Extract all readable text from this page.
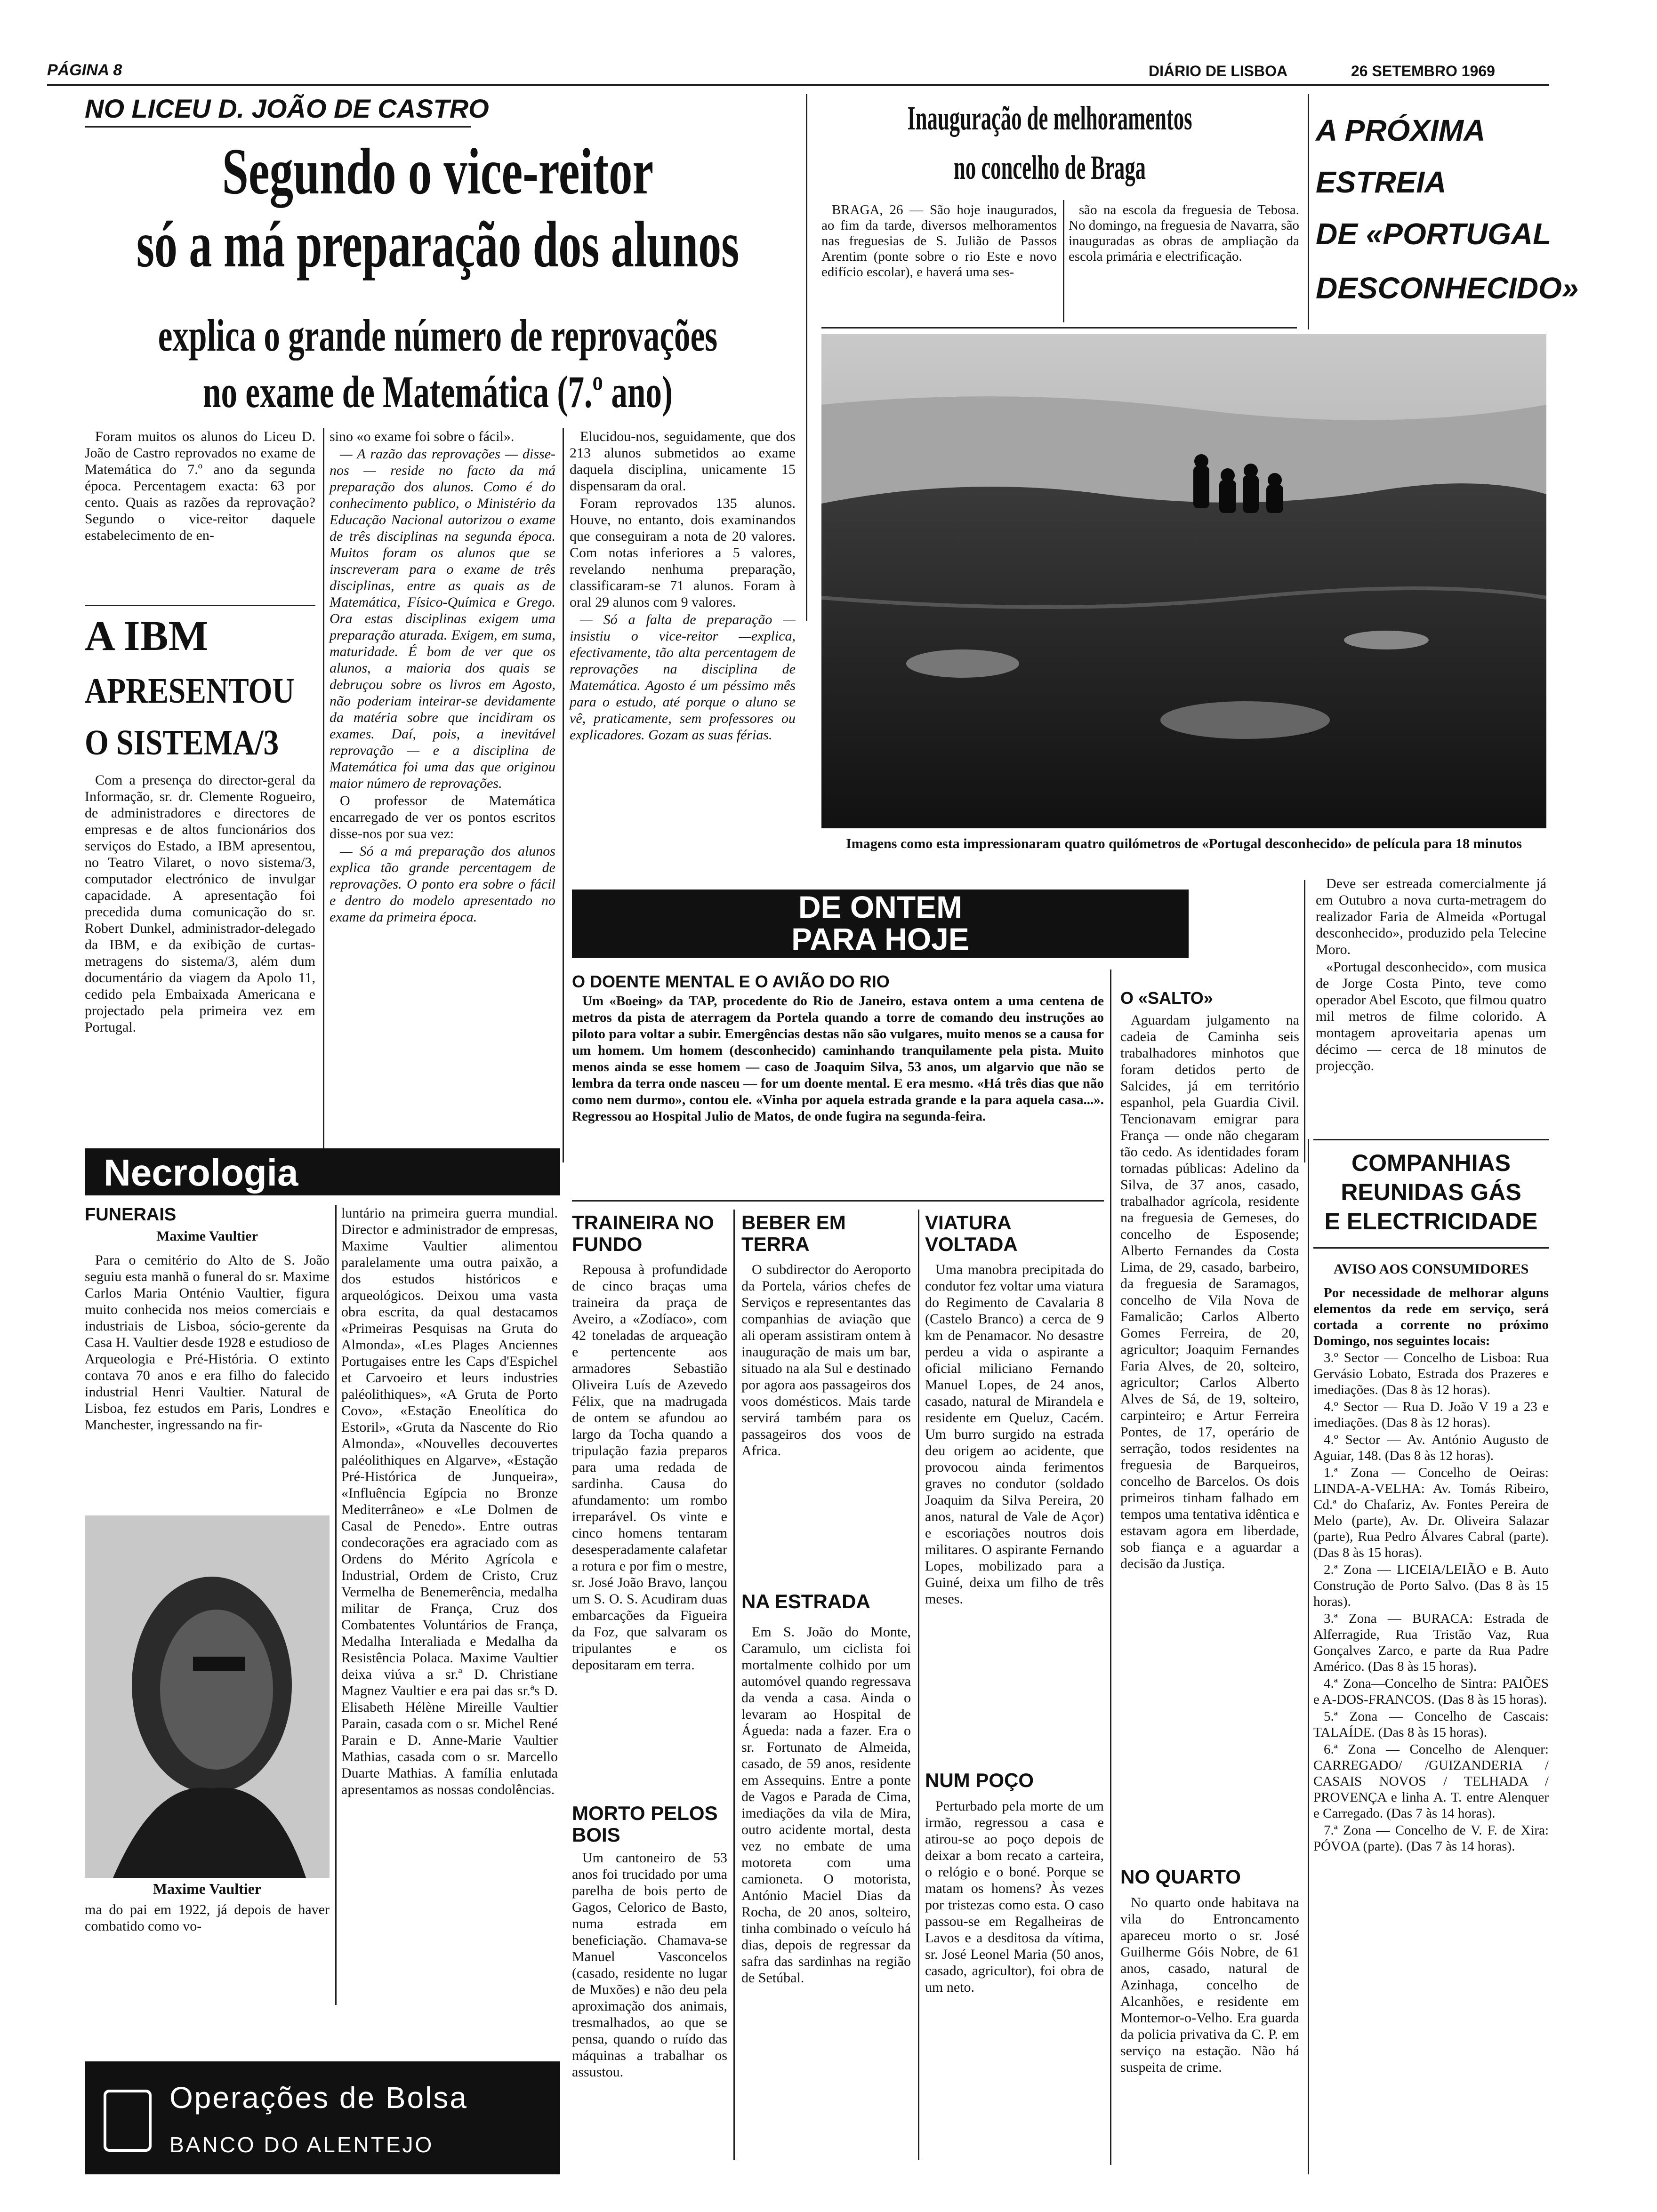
PÁGINA 8	DIÁRIO DE LISBOA	26 SETEMBRO 1969
NO LICEU D. JOÃO DE CASTRO
Segundo o vice-reitor
só a má preparação dos alunos
explica o grande número de reprovações
no exame de Matemática (7.º ano)

Foram muitos os alunos do Liceu D. João de Castro reprovados no exame de Matemática do 7.º ano da segunda época. Percentagem exacta: 63 por cento. Quais as razões da reprovação? Segundo o vice-reitor daquele estabelecimento de en-

sino «o exame foi sobre o fácil».

— A razão das reprovações — disse-nos — reside no facto da má preparação dos alunos. Como é do conhecimento publico, o Ministério da Educação Nacional autorizou o exame de três disciplinas na segunda época. Muitos foram os alunos que se inscreveram para o exame de três disciplinas, entre as quais as de Matemática, Físico-Química e Grego. Ora estas disciplinas exigem uma preparação aturada. Exigem, em suma, maturidade. É bom de ver que os alunos, a maioria dos quais se debruçou sobre os livros em Agosto, não poderiam inteirar-se devidamente da matéria sobre que incidiram os exames. Daí, pois, a inevitável reprovação — e a disciplina de Matemática foi uma das que originou maior número de reprovações.

O professor de Matemática encarregado de ver os pontos escritos disse-nos por sua vez:

— Só a má preparação dos alunos explica tão grande percentagem de reprovações. O ponto era sobre o fácil e dentro do modelo apresentado no exame da primeira época.

Elucidou-nos, seguidamente, que dos 213 alunos submetidos ao exame daquela disciplina, unicamente 15 dispensaram da oral.

Foram reprovados 135 alunos. Houve, no entanto, dois examinandos que conseguiram a nota de 20 valores. Com notas inferiores a 5 valores, revelando nenhuma preparação, classificaram-se 71 alunos. Foram à oral 29 alunos com 9 valores.

— Só a falta de preparação — insistiu o vice-reitor —explica, efectivamente, tão alta percentagem de reprovações na disciplina de Matemática. Agosto é um péssimo mês para o estudo, até porque o aluno se vê, praticamente, sem professores ou explicadores. Gozam as suas férias.

A IBM
APRESENTOU
O SISTEMA/3

Com a presença do director-geral da Informação, sr. dr. Clemente Rogueiro, de administradores e directores de empresas e de altos funcionários dos serviços do Estado, a IBM apresentou, no Teatro Vilaret, o novo sistema/3, computador electrónico de invulgar capacidade. A apresentação foi precedida duma comunicação do sr. Robert Dunkel, administrador-delegado da IBM, e da exibição de curtas-metragens do sistema/3, além dum documentário da viagem da Apolo 11, cedido pela Embaixada Americana e projectado pela primeira vez em Portugal.

Inauguração de melhoramentos
no concelho de Braga

BRAGA, 26 — São hoje inaugurados, ao fim da tarde, diversos melhoramentos nas freguesias de S. Julião de Passos Arentim (ponte sobre o rio Este e novo edifício escolar), e haverá uma ses-

são na escola da freguesia de Tebosa. No domingo, na freguesia de Navarra, são inauguradas as obras de ampliação da escola primária e electrificação.

A PRÓXIMA
ESTREIA
DE «PORTUGAL
DESCONHECIDO»
Imagens como esta impressionaram quatro quilómetros de «Portugal desconhecido» de película para 18 minutos

Deve ser estreada comercialmente já em Outubro a nova curta-metragem do realizador Faria de Almeida «Portugal desconhecido», produzido pela Telecine Moro.

«Portugal desconhecido», com musica de Jorge Costa Pinto, teve como operador Abel Escoto, que filmou quatro mil metros de filme colorido. A montagem aproveitaria apenas um décimo — cerca de 18 minutos de projecção.

DE ONTEM
PARA HOJE
O DOENTE MENTAL E O AVIÃO DO RIO

Um «Boeing» da TAP, procedente do Rio de Janeiro, estava ontem a uma centena de metros da pista de aterragem da Portela quando a torre de comando deu instruções ao piloto para voltar a subir. Emergências destas não são vulgares, muito menos se a causa for um homem. Um homem (desconhecido) caminhando tranquilamente pela pista. Muito menos ainda se esse homem — caso de Joaquim Silva, 53 anos, um algarvio que não se lembra da terra onde nasceu — for um doente mental. E era mesmo. «Há três dias que não como nem durmo», contou ele. «Vinha por aquela estrada grande e la para aquela casa...». Regressou ao Hospital Julio de Matos, de onde fugira na segunda-feira.

O «SALTO»

Aguardam julgamento na cadeia de Caminha seis trabalhadores minhotos que foram detidos perto de Salcides, já em território espanhol, pela Guardia Civil. Tencionavam emigrar para França — onde não chegaram tão cedo. As identidades foram tornadas públicas: Adelino da Silva, de 37 anos, casado, trabalhador agrícola, residente na freguesia de Gemeses, do concelho de Esposende; Alberto Fernandes da Costa Lima, de 29, casado, barbeiro, da freguesia de Saramagos, concelho de Vila Nova de Famalicão; Carlos Alberto Gomes Ferreira, de 20, agricultor; Joaquim Fernandes Faria Alves, de 20, solteiro, agricultor; Carlos Alberto Alves de Sá, de 19, solteiro, carpinteiro; e Artur Ferreira Pontes, de 17, operário de serração, todos residentes na freguesia de Barqueiros, concelho de Barcelos. Os dois primeiros tinham falhado em tempos uma tentativa idêntica e estavam agora em liberdade, sob fiança e a aguardar a decisão da Justiça.

TRAINEIRA NO FUNDO

Repousa à profundidade de cinco braças uma traineira da praça de Aveiro, a «Zodíaco», com 42 toneladas de arqueação e pertencente aos armadores Sebastião Oliveira Luís de Azevedo Félix, que na madrugada de ontem se afundou ao largo da Tocha quando a tripulação fazia preparos para uma redada de sardinha. Causa do afundamento: um rombo irreparável. Os vinte e cinco homens tentaram desesperadamente calafetar a rotura e por fim o mestre, sr. José João Bravo, lançou um S. O. S. Acudiram duas embarcações da Figueira da Foz, que salvaram os tripulantes e os depositaram em terra.

MORTO PELOS BOIS

Um cantoneiro de 53 anos foi trucidado por uma parelha de bois perto de Gagos, Celorico de Basto, numa estrada em beneficiação. Chamava-se Manuel Vasconcelos (casado, residente no lugar de Muxões) e não deu pela aproximação dos animais, tresmalhados, ao que se pensa, quando o ruído das máquinas a trabalhar os assustou.

BEBER EM TERRA

O subdirector do Aeroporto da Portela, vários chefes de Serviços e representantes das companhias de aviação que ali operam assistiram ontem à inauguração de mais um bar, situado na ala Sul e destinado por agora aos passageiros dos voos domésticos. Mais tarde servirá também para os passageiros dos voos de Africa.

NA ESTRADA

Em S. João do Monte, Caramulo, um ciclista foi mortalmente colhido por um automóvel quando regressava da venda a casa. Ainda o levaram ao Hospital de Águeda: nada a fazer. Era o sr. Fortunato de Almeida, casado, de 59 anos, residente em Assequins. Entre a ponte de Vagos e Parada de Cima, imediações da vila de Mira, outro acidente mortal, desta vez no embate de uma motoreta com uma camioneta. O motorista, António Maciel Dias da Rocha, de 20 anos, solteiro, tinha combinado o veículo há dias, depois de regressar da safra das sardinhas na região de Setúbal.

VIATURA VOLTADA

Uma manobra precipitada do condutor fez voltar uma viatura do Regimento de Cavalaria 8 (Castelo Branco) a cerca de 9 km de Penamacor. No desastre perdeu a vida o aspirante a oficial miliciano Fernando Manuel Lopes, de 24 anos, casado, natural de Mirandela e residente em Queluz, Cacém. Um burro surgido na estrada deu origem ao acidente, que provocou ainda ferimentos graves no condutor (soldado Joaquim da Silva Pereira, 20 anos, natural de Vale de Açor) e escoriações noutros dois militares. O aspirante Fernando Lopes, mobilizado para a Guiné, deixa um filho de três meses.

NUM POÇO

Perturbado pela morte de um irmão, regressou a casa e atirou-se ao poço depois de deixar a bom recato a carteira, o relógio e o boné. Porque se matam os homens? Às vezes por tristezas como esta. O caso passou-se em Regalheiras de Lavos e a desditosa da vítima, sr. José Leonel Maria (50 anos, casado, agricultor), foi obra de um neto.

NO QUARTO

No quarto onde habitava na vila do Entroncamento apareceu morto o sr. José Guilherme Góis Nobre, de 61 anos, casado, natural de Azinhaga, concelho de Alcanhões, e residente em Montemor-o-Velho. Era guarda da policia privativa da C. P. em serviço na estação. Não há suspeita de crime.

Necrologia
FUNERAIS
Maxime Vaultier

Para o cemitério do Alto de S. João seguiu esta manhã o funeral do sr. Maxime Carlos Maria Onténio Vaultier, figura muito conhecida nos meios comerciais e industriais de Lisboa, sócio-gerente da Casa H. Vaultier desde 1928 e estudioso de Arqueologia e Pré-História. O extinto contava 70 anos e era filho do falecido industrial Henri Vaultier. Natural de Lisboa, fez estudos em Paris, Londres e Manchester, ingressando na fir-

Maxime Vaultier

ma do pai em 1922, já depois de haver combatido como vo-

luntário na primeira guerra mundial. Director e administrador de empresas, Maxime Vaultier alimentou paralelamente uma outra paixão, a dos estudos históricos e arqueológicos. Deixou uma vasta obra escrita, da qual destacamos «Primeiras Pesquisas na Gruta do Almonda», «Les Plages Anciennes Portugaises entre les Caps d'Espichel et Carvoeiro et leurs industries paléolithiques», «A Gruta de Porto Covo», «Estação Eneolítica do Estoril», «Gruta da Nascente do Rio Almonda», «Nouvelles decouvertes paléolithiques en Algarve», «Estação Pré-Histórica de Junqueira», «Influência Egípcia no Bronze Mediterrâneo» e «Le Dolmen de Casal de Penedo». Entre outras condecorações era agraciado com as Ordens do Mérito Agrícola e Industrial, Ordem de Cristo, Cruz Vermelha de Benemerência, medalha militar de França, Cruz dos Combatentes Voluntários de França, Medalha Interaliada e Medalha da Resistência Polaca. Maxime Vaultier deixa viúva a sr.ª D. Christiane Magnez Vaultier e era pai das sr.ªs D. Elisabeth Hélène Mireille Vaultier Parain, casada com o sr. Michel René Parain e D. Anne-Marie Vaultier Mathias, casada com o sr. Marcello Duarte Mathias. A família enlutada apresentamos as nossas condolências.

Operações de Bolsa
BANCO DO ALENTEJO
COMPANHIAS
REUNIDAS GÁS
E ELECTRICIDADE
AVISO AOS CONSUMIDORES

Por necessidade de melhorar alguns elementos da rede em serviço, será cortada a corrente no próximo Domingo, nos seguintes locais:

3.º Sector — Concelho de Lisboa: Rua Gervásio Lobato, Estrada dos Prazeres e imediações. (Das 8 às 12 horas).

4.º Sector — Rua D. João V 19 a 23 e imediações. (Das 8 às 12 horas).

4.º Sector — Av. António Augusto de Aguiar, 148. (Das 8 às 12 horas).

1.ª Zona — Concelho de Oeiras: LINDA-A-VELHA: Av. Tomás Ribeiro, Cd.ª do Chafariz, Av. Fontes Pereira de Melo (parte), Av. Dr. Oliveira Salazar (parte), Rua Pedro Álvares Cabral (parte). (Das 8 às 15 horas).

2.ª Zona — LICEIA/LEIÃO e B. Auto Construção de Porto Salvo. (Das 8 às 15 horas).

3.ª Zona — BURACA: Estrada de Alferragide, Rua Tristão Vaz, Rua Gonçalves Zarco, e parte da Rua Padre Américo. (Das 8 às 15 horas).

4.ª Zona—Concelho de Sintra: PAIÕES e A-DOS-FRANCOS. (Das 8 às 15 horas).

5.ª Zona — Concelho de Cascais: TALAÍDE. (Das 8 às 15 horas).

6.ª Zona — Concelho de Alenquer: CARREGADO/ /GUIZANDERIA / CASAIS NOVOS / TELHADA / PROVENÇA e linha A. T. entre Alenquer e Carregado. (Das 7 às 14 horas).

7.ª Zona — Concelho de V. F. de Xira: PÓVOA (parte). (Das 7 às 14 horas).
